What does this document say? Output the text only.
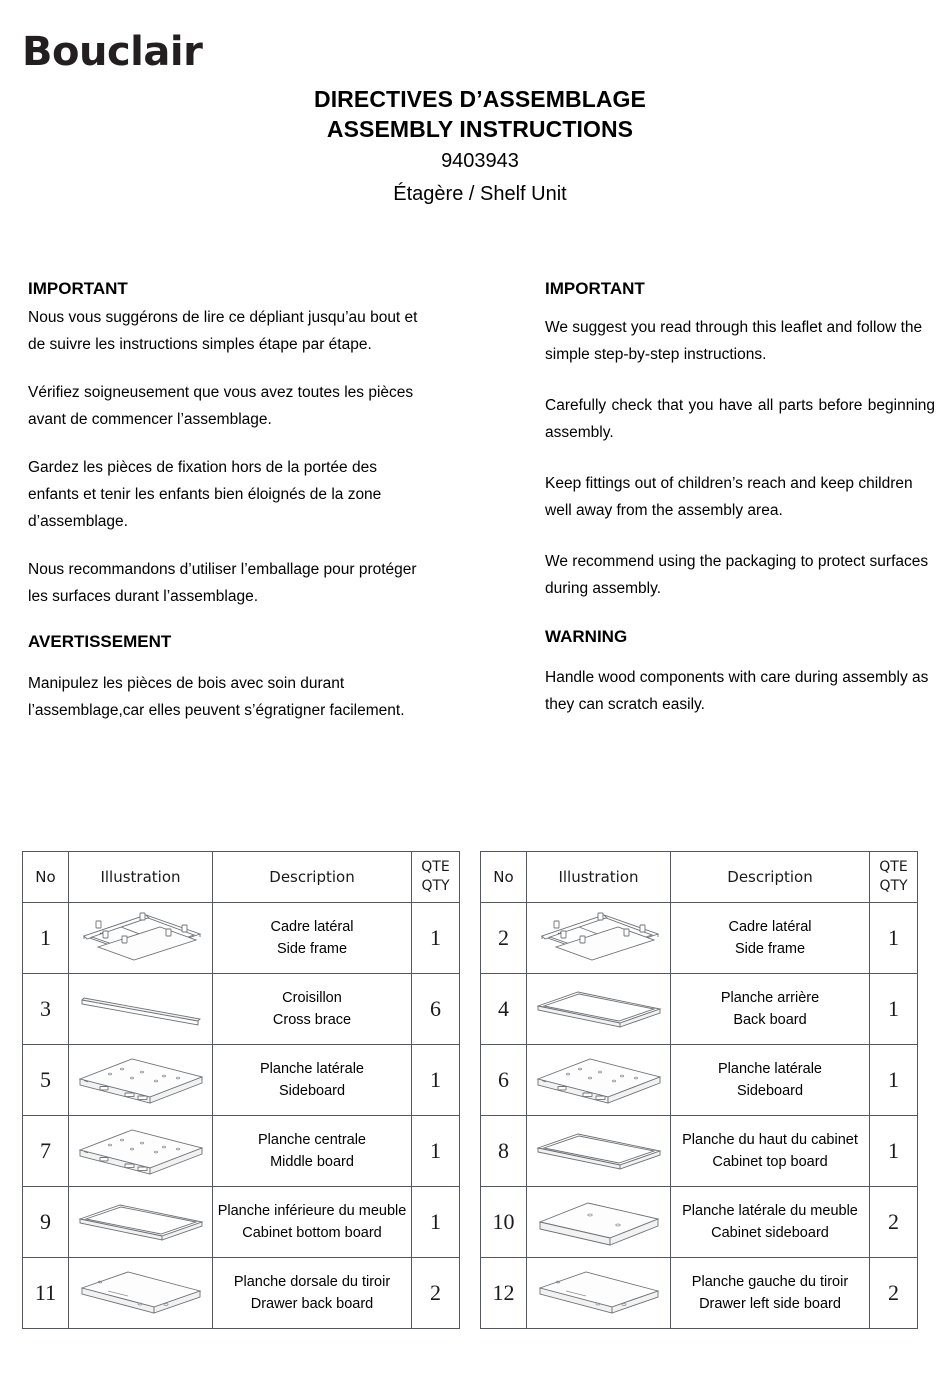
Bouclair
DIRECTIVES D’ASSEMBLAGE
ASSEMBLY INSTRUCTIONS
9403943
Étagère / Shelf Unit
IMPORTANT

Nous vous suggérons de lire ce dépliant jusqu’au bout et de suivre les instructions simples étape par étape.

Vérifiez soigneusement que vous avez toutes les pièces avant de commencer l’assemblage.

Gardez les pièces de fixation hors de la portée des enfants et tenir les enfants bien éloignés de la zone d’assemblage.

Nous recommandons d’utiliser l’emballage pour protéger les surfaces durant l’assemblage.

AVERTISSEMENT

Manipulez les pièces de bois avec soin durant l’assemblage,car elles peuvent s’égratigner facilement.

IMPORTANT

We suggest you read through this leaflet and follow the simple step-by-step instructions.

Carefully check that you have all parts before beginning assembly.

Keep fittings out of children’s reach and keep children well away from the assembly area.

We recommend using the packaging to protect surfaces during assembly.

WARNING

Handle wood components with care during assembly as they can scratch easily.

No	Illustration	Description	QTE
QTY

1		Cadre latéral
Side frame	1
3		Croisillon
Cross brace	6
5		Planche latérale
Sideboard	1
7		Planche centrale
Middle board	1
9		Planche inférieure du meuble
Cabinet bottom board	1
11		Planche dorsale du tiroir
Drawer back board	2
No	Illustration	Description	QTE
QTY

2		Cadre latéral
Side frame	1
4		Planche arrière
Back board	1
6		Planche latérale
Sideboard	1
8		Planche du haut du cabinet
Cabinet top board	1
10		Planche latérale du meuble
Cabinet sideboard	2
12		Planche gauche du tiroir
Drawer left side board	2
